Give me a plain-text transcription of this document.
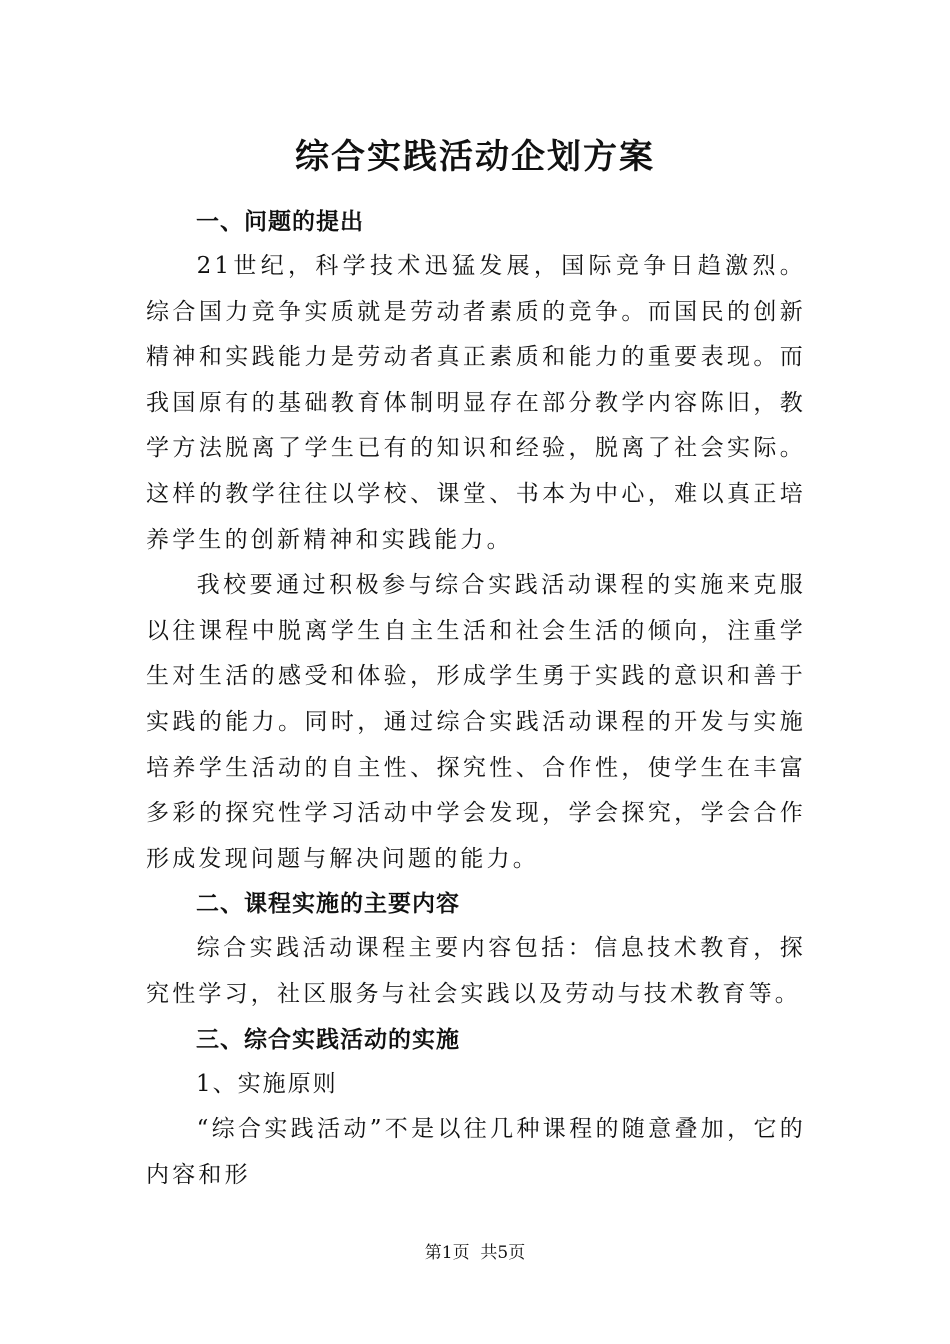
综合实践活动企划方案

一、问题的提出

21世纪，科学技术迅猛发展，国际竞争日趋激烈。综合国力竞争实质就是劳动者素质的竞争。而国民的创新精神和实践能力是劳动者真正素质和能力的重要表现。而我国原有的基础教育体制明显存在部分教学内容陈旧，教学方法脱离了学生已有的知识和经验，脱离了社会实际。这样的教学往往以学校、课堂、书本为中心，难以真正培养学生的创新精神和实践能力。

我校要通过积极参与综合实践活动课程的实施来克服以往课程中脱离学生自主生活和社会生活的倾向，注重学生对生活的感受和体验，形成学生勇于实践的意识和善于实践的能力。同时，通过综合实践活动课程的开发与实施培养学生活动的自主性、探究性、合作性，使学生在丰富多彩的探究性学习活动中学会发现，学会探究，学会合作形成发现问题与解决问题的能力。

二、课程实施的主要内容

综合实践活动课程主要内容包括：信息技术教育，探究性学习，社区服务与社会实践以及劳动与技术教育等。

三、综合实践活动的实施

1、实施原则

“综合实践活动”不是以往几种课程的随意叠加，它的内容和形

第1页  共5页
